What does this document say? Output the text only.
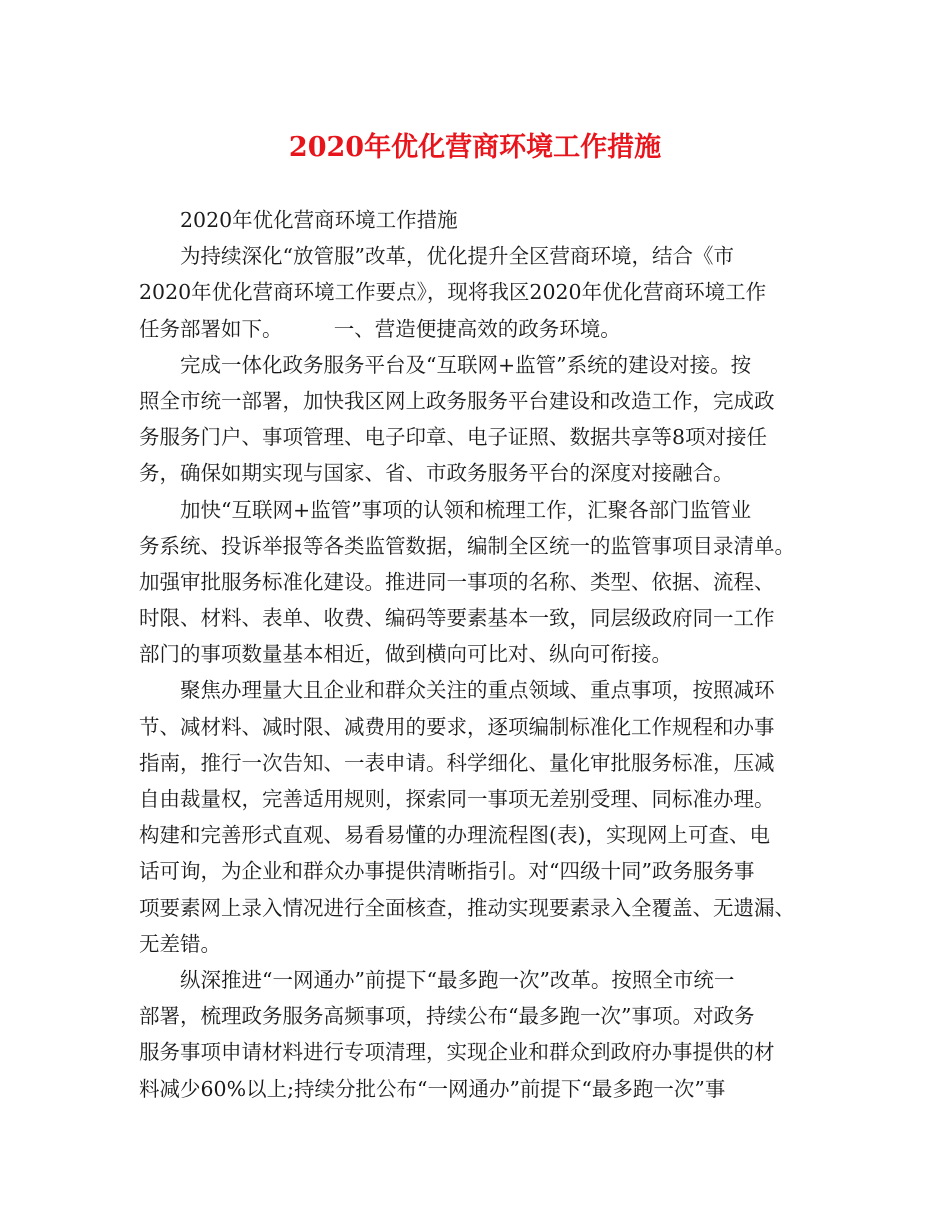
2020年优化营商环境工作措施
2020年优化营商环境工作措施
为持续深化“放管服”改革，优化提升全区营商环境，结合《市
2020年优化营商环境工作要点》，现将我区2020年优化营商环境工作
任务部署如下。　　　一、营造便捷高效的政务环境。
完成一体化政务服务平台及“互联网+监管”系统的建设对接。按
照全市统一部署，加快我区网上政务服务平台建设和改造工作，完成政
务服务门户、事项管理、电子印章、电子证照、数据共享等8项对接任
务，确保如期实现与国家、省、市政务服务平台的深度对接融合。
加快“互联网+监管”事项的认领和梳理工作，汇聚各部门监管业
务系统、投诉举报等各类监管数据，编制全区统一的监管事项目录清单。
加强审批服务标准化建设。推进同一事项的名称、类型、依据、流程、
时限、材料、表单、收费、编码等要素基本一致，同层级政府同一工作
部门的事项数量基本相近，做到横向可比对、纵向可衔接。
聚焦办理量大且企业和群众关注的重点领域、重点事项，按照减环
节、减材料、减时限、减费用的要求，逐项编制标准化工作规程和办事
指南，推行一次告知、一表申请。科学细化、量化审批服务标准，压减
自由裁量权，完善适用规则，探索同一事项无差别受理、同标准办理。
构建和完善形式直观、易看易懂的办理流程图(表)，实现网上可查、电
话可询，为企业和群众办事提供清晰指引。对“四级十同”政务服务事
项要素网上录入情况进行全面核查，推动实现要素录入全覆盖、无遗漏、
无差错。
纵深推进“一网通办”前提下“最多跑一次”改革。按照全市统一
部署，梳理政务服务高频事项，持续公布“最多跑一次”事项。对政务
服务事项申请材料进行专项清理，实现企业和群众到政府办事提供的材
料减少60%以上;持续分批公布“一网通办”前提下“最多跑一次”事
